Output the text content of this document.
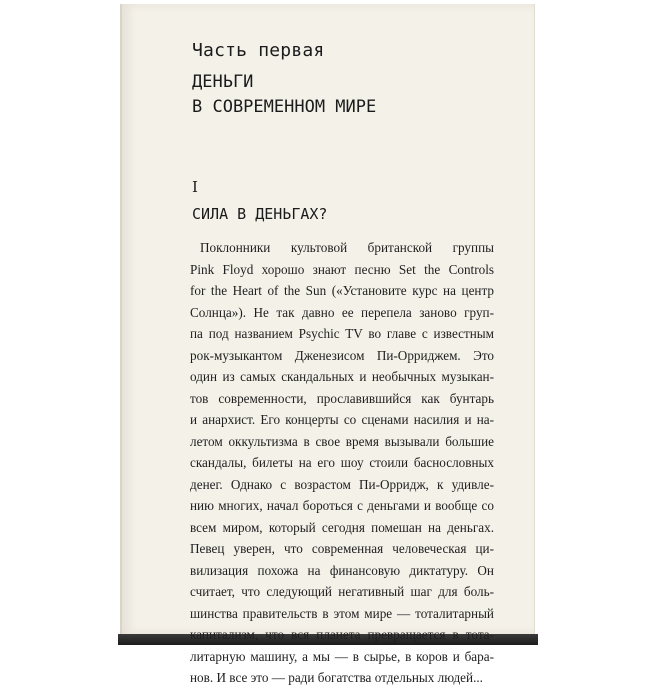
Часть первая
ДЕНЬГИ
В СОВРЕМЕННОМ МИРЕ
I
СИЛА В ДЕНЬГАХ?
Поклонники культовой британской группы
Pink Floyd хорошо знают песню Set the Controls
for the Heart of the Sun («Установите курс на центр
Солнца»). Не так давно ее перепела заново груп-
па под названием Psychic TV во главе с известным
рок-музыкантом Дженезисом Пи-Орриджем. Это
один из самых скандальных и необычных музыкан-
тов современности, прославившийся как бунтарь
и анархист. Его концерты со сценами насилия и на-
летом оккультизма в свое время вызывали большие
скандалы, билеты на его шоу стоили баснословных
денег. Однако с возрастом Пи-Орридж, к удивле-
нию многих, начал бороться с деньгами и вообще со
всем миром, который сегодня помешан на деньгах.
Певец уверен, что современная человеческая ци-
вилизация похожа на финансовую диктатуру. Он
считает, что следующий негативный шаг для боль-
шинства правительств в этом мире — тоталитарный
капитализм, что вся планета превращается в тота-
литарную машину, а мы — в сырье, в коров и бара-
нов. И все это — ради богатства отдельных людей...
